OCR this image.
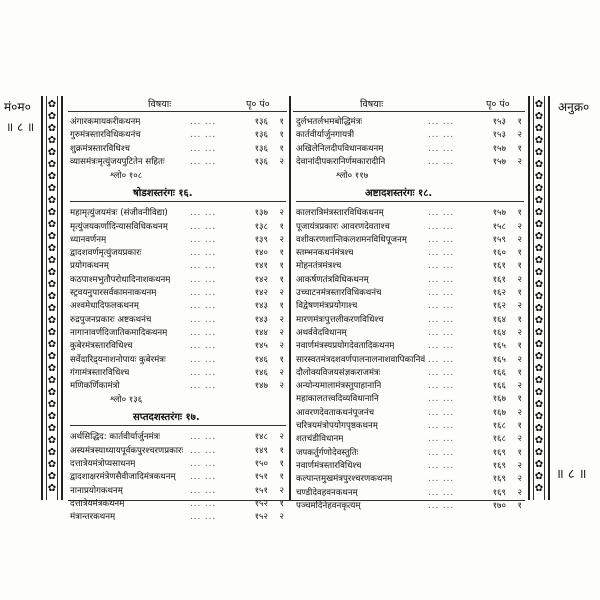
मं०म०
॥ ८ ॥
अनुक्र०
॥ ८ ॥
✿
✿
✿
✿
✿
✿
✿
✿
✿
✿
✿
✿
✿
✿
✿
✿
✿
✿
✿
✿
✿
✿
✿
✿
✿
✿
✿
✿
✿
✿
✿
✿
✿
✿
✿
✿
✿
✿
✿
✿
✿
✿
✿
✿
✿
✿
✿
✿
✿
✿
✿
✿
✿
✿
✿
✿
✿
✿
✿
✿
✿
✿
✿
✿
✿
✿
विषयाः	पृ० पं०	विषयाः	पृ० पं०
अंगारकमायकरीकथनम्	... ...	१३६	१
गुरुमंत्रस्तारविधिकथनंच	... ...	१३६	१
शुक्रमंत्रस्तारविधिश्च	... ...	१३६	१
व्यासमंत्रःमृत्युंजयपुटितेन सहितः	... ...	१३६	२
श्लो० १०८
षोडशस्तरंगः १६.
महामृत्युंजयमंत्रः (संजीवनीविद्या)	... ...	१३७	२
मृत्युंजयकर्णादिन्यासविधिकथनम्	... ...	१३८	१
ध्यानवर्णनम्	... ...	१३९	२
द्वादशवर्णमृत्युंजयप्रकारः	... ...	१४०	१
प्रयोगकथनम्	... ...	१४१	१
कठपाश्मभुतौपरोधादिनाशकथनम् ... ...	१४२	१
स्ट्रवयनुपारसर्वकामनाकथनम्	... ...	१४२	२
अश्वमेधादिफलकथनम्	... ...	१४३	१
रुद्रपुजनप्रकारः अष्टकथनंच	... ...	१४३	२
नागानावर्णदिजातिकमादिकथनम्	... ...	१४४	२
कुबेरमंत्रस्तारविधिश्च	... ...	१४५	२
सर्वेदारिद्र्यनाशनोपायः कुबेरमंत्रः	... ...	१४६	१
गंगामंत्रस्तारविधिश्च	... ...	१४६	२
मणिकर्णिकामंत्रो	... ...	१४७	२
श्लो० १३६
सप्तदशस्तरंगः १७.
अर्थसिद्धिद: कार्तवीर्यार्जुनमंत्रः	... ...	१४८	२
अस्यमंत्रस्याध्यायपूर्वकपुरश्चरणप्रकारः ... ...	१४९	१
दत्तात्रेयमंत्रोप्यसाधनम्	... ...	१५०	१
द्वादशाक्षरमंत्रेणसैवीजादिमंत्रकथनम् ... ...	१५१	१
नानाप्रयोगकथनम्	... ...	१५१	२
दत्तात्रेयमंत्रकथनम्	... ...	१५२	१
मंत्रान्तरकथनम्	... ...	१५२	२
दुर्लभतर्लभमबोद्धिमंत्रः	... ...	१५३	१
कार्तवीर्यार्जुनगायत्री	... ...	१५३	२
अखिलेनिलदीपविधानकथनम्	... ...	१५७	१
देवानांदीपकरानिर्णमकारादीनि	... ...	१५७	२
श्लो० ११७
अष्टादशस्तरंगः १८.
कालरात्रिमंत्रस्तारविधिकथनम्	... ...	१५७	१
पूजायंत्रप्रकारः आवरणदेवताश्च	... ...	१५८	२
वशीकरणशान्तिकलशमनविधिपूजनम् ... ...	१५९	२
स्तम्भनकथनंमंत्रश्च	... ...	१६०	१
मोहनतंत्रमंत्रश्च	... ...	१६१	१
आकर्षणतंत्रविधिकथनम्	... ...	१६१	२
उच्चाटनमंत्रस्तारविधिकथनंच	... ...	१६२	१
विद्वेषणमंत्रप्रयोगाश्च	... ...	१६२	२
मारणमंत्रःपुत्तलीकरणविधिश्च	... ...	१६४	१
अथर्ववेदविधानम्	... ...	१६४	२
नवार्णमंत्रस्यप्रयोगदेवतादिकथनम्	... ...	१६५	१
सारस्वतमंत्रदशवर्णपालनालनाशवापिकानिवं ... ...	१६५	२
दौलोक्यविजयसंज्ञकराजमंत्रः	... ...	१६६	१
अन्योन्यमालामंत्रस्तुपाहानानि	... ...	१६६	२
महाकालतत्त्वदिव्यविधानानि	... ...	१६७	१
आवरणदेवताकथनंपूजनंच	... ...	१६७	२
चरित्रयमंत्रोपयोगपृष्ठकथनम्	... ...	१६८	१
शतचंडीविधानम्	... ...	१६८	२
जपकर्तुर्गणोदेवस्तुतिः	... ...	१६९	१
नवार्णमंत्रस्तारविधिश्च	... ...	१६९	२
कल्पान्तमुखमंत्रपुरश्चरणकथनम्	... ...	१६९	२
चण्डीदेवहवनकथनम्	... ...	१६९	२
पञ्चमदिनेहवनकृत्यम्	... ...	१७०	१
